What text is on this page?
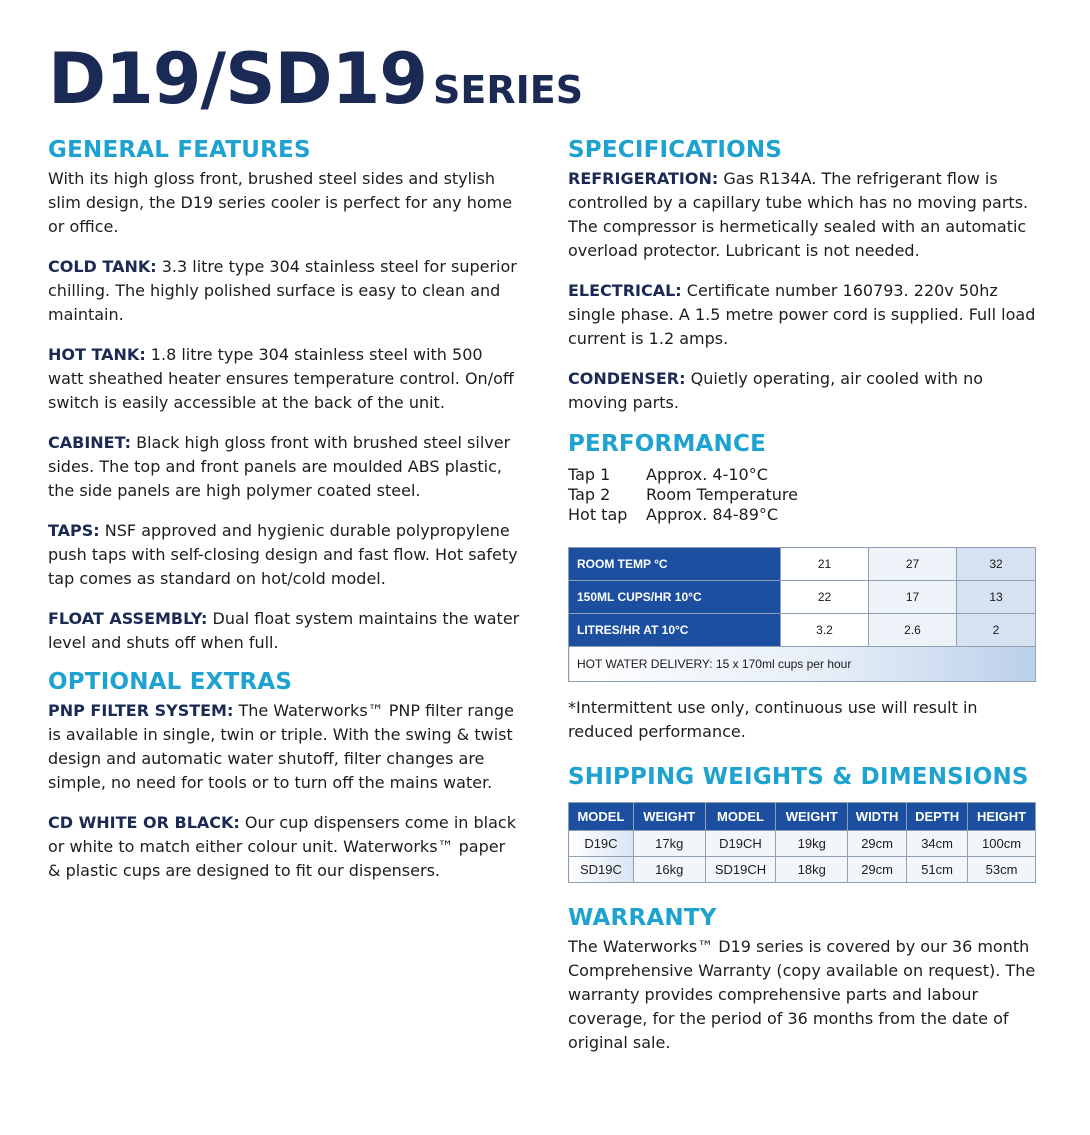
D19/SD19 SERIES
GENERAL FEATURES

With its high gloss front, brushed steel sides and stylish slim design, the D19 series cooler is perfect for any home or office.

COLD TANK: 3.3 litre type 304 stainless steel for superior chilling. The highly polished surface is easy to clean and maintain.

HOT TANK: 1.8 litre type 304 stainless steel with 500 watt sheathed heater ensures temperature control. On/off switch is easily accessible at the back of the unit.

CABINET: Black high gloss front with brushed steel silver sides. The top and front panels are moulded ABS plastic, the side panels are high polymer coated steel.

TAPS: NSF approved and hygienic durable polypropylene push taps with self-closing design and fast flow. Hot safety tap comes as standard on hot/cold model.

FLOAT ASSEMBLY: Dual float system maintains the water level and shuts off when full.

OPTIONAL EXTRAS

PNP FILTER SYSTEM: The Waterworks™ PNP filter range is available in single, twin or triple. With the swing & twist design and automatic water shutoff, filter changes are simple, no need for tools or to turn off the mains water.

CD WHITE OR BLACK: Our cup dispensers come in black or white to match either colour unit. Waterworks™ paper & plastic cups are designed to fit our dispensers.

SPECIFICATIONS

REFRIGERATION: Gas R134A. The refrigerant flow is controlled by a capillary tube which has no moving parts. The compressor is hermetically sealed with an automatic overload protector. Lubricant is not needed.

ELECTRICAL: Certificate number 160793. 220v 50hz single phase. A 1.5 metre power cord is supplied. Full load current is 1.2 amps.

CONDENSER: Quietly operating, air cooled with no moving parts.

PERFORMANCE
Tap 1	Approx. 4-10°C
Tap 2	Room Temperature
Hot tap	Approx. 84-89°C
ROOM TEMP °C	21	27	32
150ML CUPS/HR 10°C	22	17	13
LITRES/HR AT 10°C	3.2	2.6	2
HOT WATER DELIVERY: 15 x 170ml cups per hour			

*Intermittent use only, continuous use will result in reduced performance.

SHIPPING WEIGHTS & DIMENSIONS
MODEL	WEIGHT	MODEL	WEIGHT	WIDTH	DEPTH	HEIGHT
D19C	17kg	D19CH	19kg	29cm	34cm	100cm
SD19C	16kg	SD19CH	18kg	29cm	51cm	53cm
WARRANTY

The Waterworks™ D19 series is covered by our 36 month Comprehensive Warranty (copy available on request). The warranty provides comprehensive parts and labour coverage, for the period of 36 months from the date of original sale.
